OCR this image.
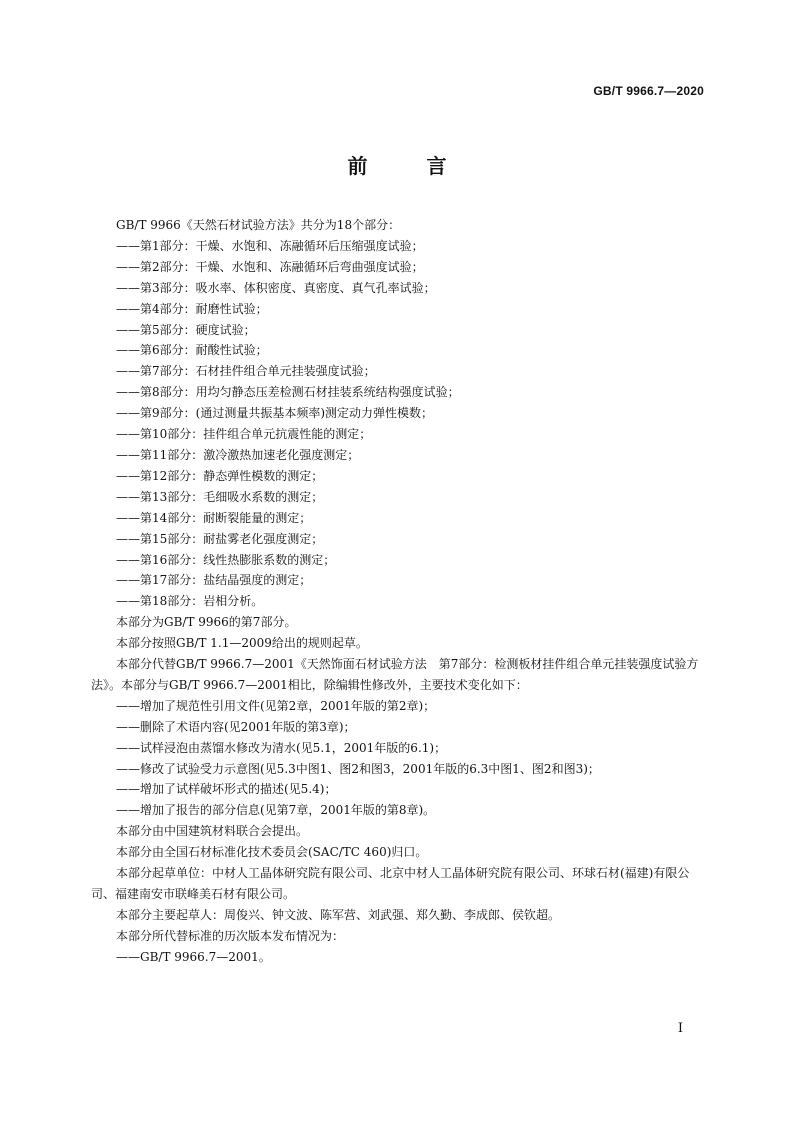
GB/T 9966.7—2020
前 言

GB/T 9966《天然石材试验方法》共分为18个部分：

——第1部分：干燥、水饱和、冻融循环后压缩强度试验；

——第2部分：干燥、水饱和、冻融循环后弯曲强度试验；

——第3部分：吸水率、体积密度、真密度、真气孔率试验；

——第4部分：耐磨性试验；

——第5部分：硬度试验；

——第6部分：耐酸性试验；

——第7部分：石材挂件组合单元挂装强度试验；

——第8部分：用均匀静态压差检测石材挂装系统结构强度试验；

——第9部分：(通过测量共振基本频率)测定动力弹性模数；

——第10部分：挂件组合单元抗震性能的测定；

——第11部分：激冷激热加速老化强度测定；

——第12部分：静态弹性模数的测定；

——第13部分：毛细吸水系数的测定；

——第14部分：耐断裂能量的测定；

——第15部分：耐盐雾老化强度测定；

——第16部分：线性热膨胀系数的测定；

——第17部分：盐结晶强度的测定；

——第18部分：岩相分析。

本部分为GB/T 9966的第7部分。

本部分按照GB/T 1.1—2009给出的规则起草。

本部分代替GB/T 9966.7—2001《天然饰面石材试验方法　第7部分：检测板材挂件组合单元挂装强度试验方法》。本部分与GB/T 9966.7—2001相比，除编辑性修改外，主要技术变化如下：

——增加了规范性引用文件(见第2章，2001年版的第2章)；

——删除了术语内容(见2001年版的第3章)；

——试样浸泡由蒸馏水修改为清水(见5.1，2001年版的6.1)；

——修改了试验受力示意图(见5.3中图1、图2和图3，2001年版的6.3中图1、图2和图3)；

——增加了试样破坏形式的描述(见5.4)；

——增加了报告的部分信息(见第7章，2001年版的第8章)。

本部分由中国建筑材料联合会提出。

本部分由全国石材标准化技术委员会(SAC/TC 460)归口。

本部分起草单位：中材人工晶体研究院有限公司、北京中材人工晶体研究院有限公司、环球石材(福建)有限公司、福建南安市联峰美石材有限公司。

本部分主要起草人：周俊兴、钟文波、陈军营、刘武强、郑久勤、李成郎、侯钦超。

本部分所代替标准的历次版本发布情况为：

——GB/T 9966.7—2001。

I
